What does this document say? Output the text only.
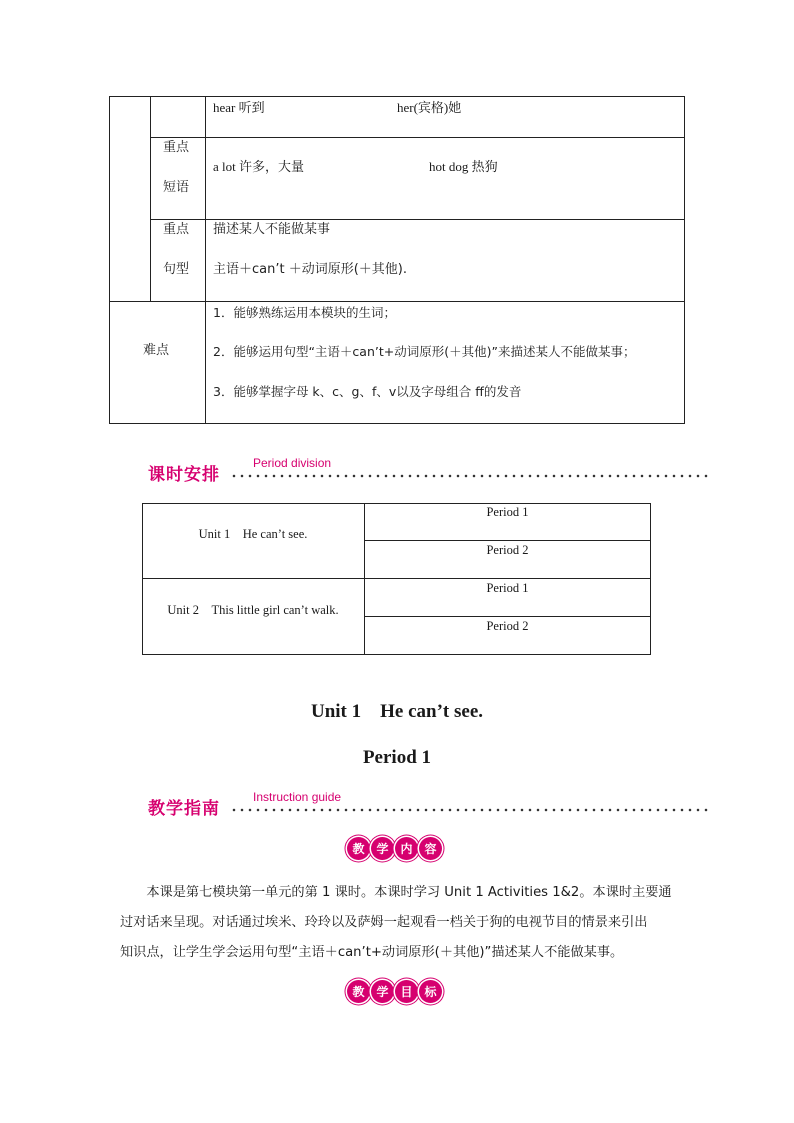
hear 听到	her(宾格)她
重点
短语
a lot 许多，大量	hot dog 热狗
重点
句型
描述某人不能做某事
主语＋can’t ＋动词原形(＋其他).
难点
1．能够熟练运用本模块的生词；
2．能够运用句型“主语＋can’t+动词原形(＋其他)”来描述某人不能做某事；
3．能够掌握字母 k、c、g、f、v以及字母组合 ff的发音
课时安排
Period division
Unit 1　He can’t see.
Period 1
Period 2
Unit 2　This little girl can’t walk.
Period 1
Period 2
Unit 1　He can’t see.
Period 1
教学指南
Instruction guide
教 学 内 容
　　本课是第七模块第一单元的第 1 课时。本课时学习 Unit 1 Activities 1&2。本课时主要通
过对话来呈现。对话通过埃米、玲玲以及萨姆一起观看一档关于狗的电视节目的情景来引出
知识点，让学生学会运用句型“主语＋can’t+动词原形(＋其他)”描述某人不能做某事。
教 学 目 标
